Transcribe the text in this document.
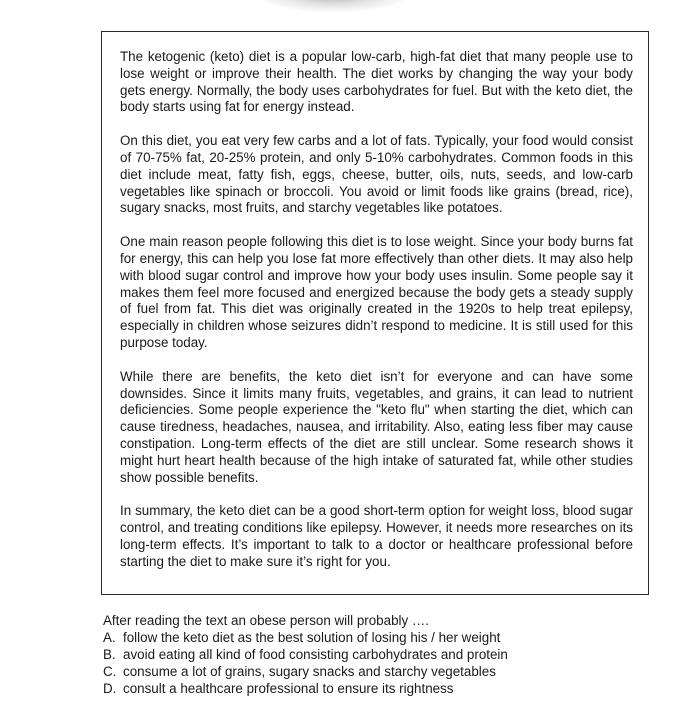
The ketogenic (keto) diet is a popular low-carb, high-fat diet that many people use to lose weight or improve their health. The diet works by changing the way your body gets energy. Normally, the body uses carbohydrates for fuel. But with the keto diet, the body starts using fat for energy instead.

On this diet, you eat very few carbs and a lot of fats. Typically, your food would consist of 70-75% fat, 20-25% protein, and only 5-10% carbohydrates. Common foods in this diet include meat, fatty fish, eggs, cheese, butter, oils, nuts, seeds, and low-carb vegetables like spinach or broccoli. You avoid or limit foods like grains (bread, rice), sugary snacks, most fruits, and starchy vegetables like potatoes.

One main reason people following this diet is to lose weight. Since your body burns fat for energy, this can help you lose fat more effectively than other diets. It may also help with blood sugar control and improve how your body uses insulin. Some people say it makes them feel more focused and energized because the body gets a steady supply of fuel from fat. This diet was originally created in the 1920s to help treat epilepsy, especially in children whose seizures didn’t respond to medicine. It is still used for this purpose today.

While there are benefits, the keto diet isn’t for everyone and can have some downsides. Since it limits many fruits, vegetables, and grains, it can lead to nutrient deficiencies. Some people experience the "keto flu" when starting the diet, which can cause tiredness, headaches, nausea, and irritability. Also, eating less fiber may cause constipation. Long-term effects of the diet are still unclear. Some research shows it might hurt heart health because of the high intake of saturated fat, while other studies show possible benefits.

In summary, the keto diet can be a good short-term option for weight loss, blood sugar control, and treating conditions like epilepsy. However, it needs more researches on its long-term effects. It’s important to talk to a doctor or healthcare professional before starting the diet to make sure it’s right for you.

After reading the text an obese person will probably ….

A. follow the keto diet as the best solution of losing his / her weight
B. avoid eating all kind of food consisting carbohydrates and protein
C. consume a lot of grains, sugary snacks and starchy vegetables
D. consult a healthcare professional to ensure its rightness
